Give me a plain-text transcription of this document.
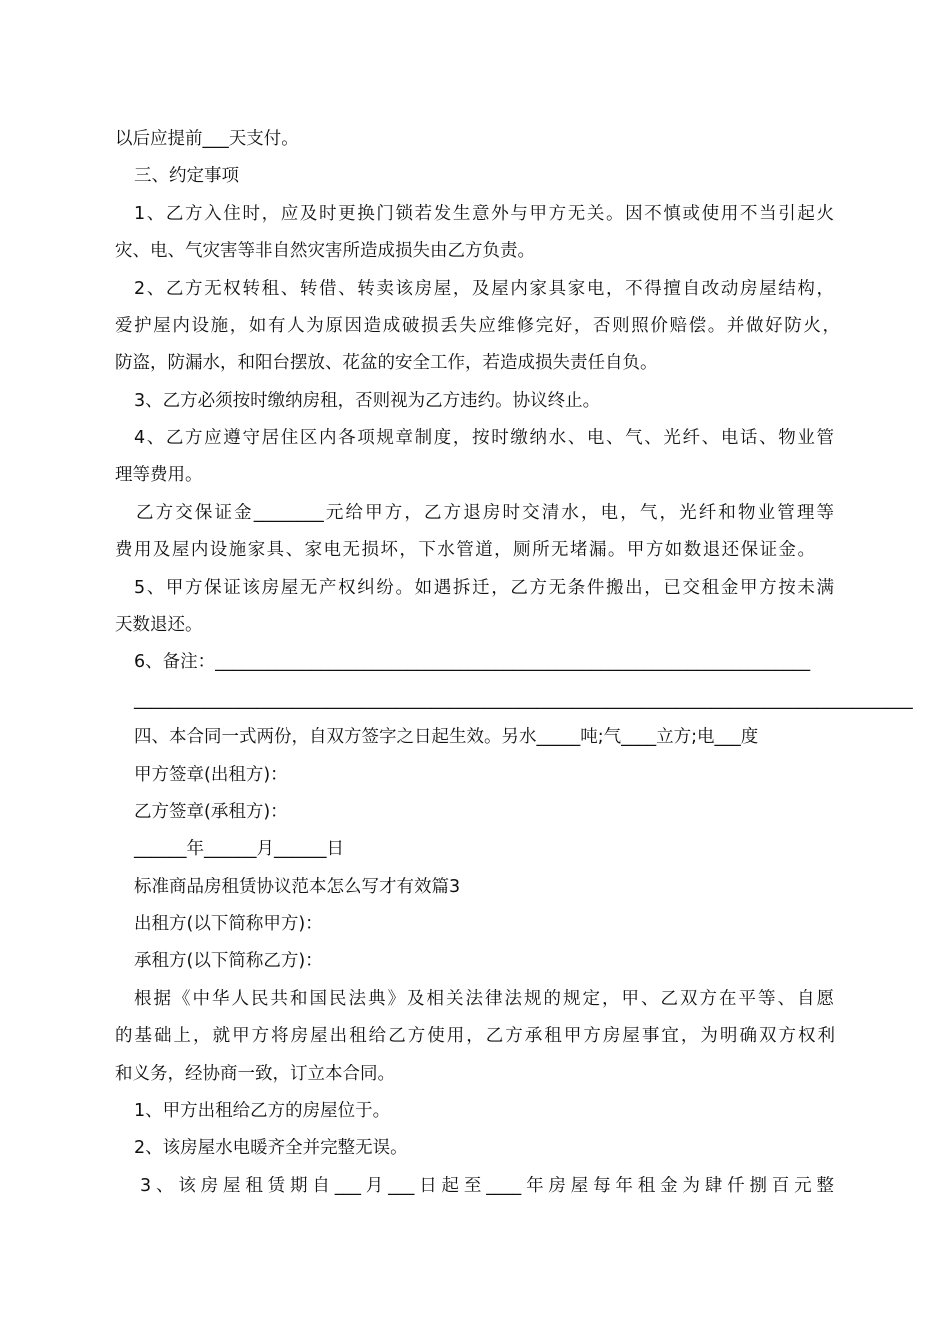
以后应提前___天支付。
三、约定事项
1、乙方入住时，应及时更换门锁若发生意外与甲方无关。因不慎或使用不当引起火
灾、电、气灾害等非自然灾害所造成损失由乙方负责。
2、乙方无权转租、转借、转卖该房屋，及屋内家具家电，不得擅自改动房屋结构，
爱护屋内设施，如有人为原因造成破损丢失应维修完好，否则照价赔偿。并做好防火，
防盗，防漏水，和阳台摆放、花盆的安全工作，若造成损失责任自负。
3、乙方必须按时缴纳房租，否则视为乙方违约。协议终止。
4、乙方应遵守居住区内各项规章制度，按时缴纳水、电、气、光纤、电话、物业管
理等费用。
乙方交保证金________元给甲方，乙方退房时交清水，电，气，光纤和物业管理等
费用及屋内设施家具、家电无损坏，下水管道，厕所无堵漏。甲方如数退还保证金。
5、甲方保证该房屋无产权纠纷。如遇拆迁，乙方无条件搬出，已交租金甲方按未满
天数退还。
6、备注：____________________________________________________________________
_________________________________________________________________________________________
四、本合同一式两份，自双方签字之日起生效。另水_____吨;气____立方;电___度
甲方签章(出租方)：
乙方签章(承租方)：
______年______月______日
标准商品房租赁协议范本怎么写才有效篇3
出租方(以下简称甲方)：
承租方(以下简称乙方)：
根据《中华人民共和国民法典》及相关法律法规的规定，甲、乙双方在平等、自愿
的基础上，就甲方将房屋出租给乙方使用，乙方承租甲方房屋事宜，为明确双方权利
和义务，经协商一致，订立本合同。
1、甲方出租给乙方的房屋位于。
2、该房屋水电暖齐全并完整无误。
3、该房屋租赁期自___月___日起至____年房屋每年租金为肆仟捌百元整
